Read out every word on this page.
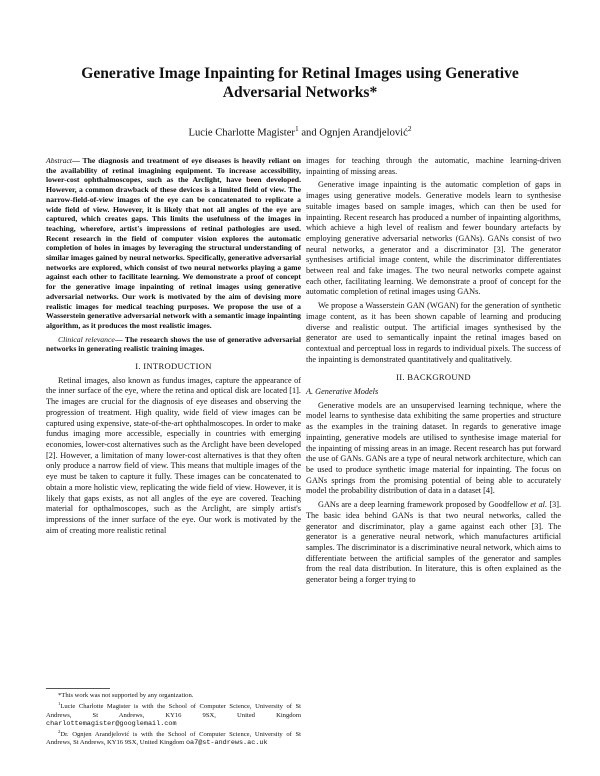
Generative Image Inpainting for Retinal Images using Generative
Adversarial Networks*
Lucie Charlotte Magister$^1$ and Ognjen Arandjelović$^2$

Abstract— The diagnosis and treatment of eye diseases is heavily reliant on the availability of retinal imagining equipment. To increase accessibility, lower-cost ophthalmoscopes, such as the Arclight, have been developed. However, a common drawback of these devices is a limited field of view. The narrow-field-of-view images of the eye can be concatenated to replicate a wide field of view. However, it is likely that not all angles of the eye are captured, which creates gaps. This limits the usefulness of the images in teaching, wherefore, artist's impressions of retinal pathologies are used. Recent research in the field of computer vision explores the automatic completion of holes in images by leveraging the structural understanding of similar images gained by neural networks. Specifically, generative adversarial networks are explored, which consist of two neural networks playing a game against each other to facilitate learning. We demonstrate a proof of concept for the generative image inpainting of retinal images using generative adversarial networks. Our work is motivated by the aim of devising more realistic images for medical teaching purposes. We propose the use of a Wasserstein generative adversarial network with a semantic image inpainting algorithm, as it produces the most realistic images.

Clinical relevance— The research shows the use of generative adversarial networks in generating realistic training images.

I. INTRODUCTION

Retinal images, also known as fundus images, capture the appearance of the inner surface of the eye, where the retina and optical disk are located [1]. The images are crucial for the diagnosis of eye diseases and observing the progression of treatment. High quality, wide field of view images can be captured using expensive, state-of-the-art ophthalmoscopes. In order to make fundus imaging more accessible, especially in countries with emerging economies, lower-cost alternatives such as the Arclight have been developed [2]. However, a limitation of many lower-cost alternatives is that they often only produce a narrow field of view. This means that multiple images of the eye must be taken to capture it fully. These images can be concatenated to obtain a more holistic view, replicating the wide field of view. However, it is likely that gaps exists, as not all angles of the eye are covered. Teaching material for opthalmoscopes, such as the Arclight, are simply artist's impressions of the inner surface of the eye. Our work is motivated by the aim of creating more realistic retinal

*This work was not supported by any organization.

$^1$Lucie Charlotte Magister is with the School of Computer Science, University of St Andrews, St Andrews, KY16 9SX, United Kingdom charlottemagister@googlemail.com

$^2$Dr. Ognjen Arandjelović is with the School of Computer Science, University of St Andrews, St Andrews, KY16 9SX, United Kingdom oa7@st-andrews.ac.uk

images for teaching through the automatic, machine learning-driven inpainting of missing areas.

Generative image inpainting is the automatic completion of gaps in images using generative models. Generative models learn to synthesise suitable images based on sample images, which can then be used for inpainting. Recent research has produced a number of inpainting algorithms, which achieve a high level of realism and fewer boundary artefacts by employing generative adversarial networks (GANs). GANs consist of two neural networks, a generator and a discriminator [3]. The generator synthesises artificial image content, while the discriminator differentiates between real and fake images. The two neural networks compete against each other, facilitating learning. We demonstrate a proof of concept for the automatic completion of retinal images using GANs.

We propose a Wasserstein GAN (WGAN) for the generation of synthetic image content, as it has been shown capable of learning and producing diverse and realistic output. The artificial images synthesised by the generator are used to semantically inpaint the retinal images based on contextual and perceptual loss in regards to individual pixels. The success of the inpainting is demonstrated quantitatively and qualitatively.

II. BACKGROUND
A. Generative Models

Generative models are an unsupervised learning technique, where the model learns to synthesise data exhibiting the same properties and structure as the examples in the training dataset. In regards to generative image inpainting, generative models are utilised to synthesise image material for the inpainting of missing areas in an image. Recent research has put forward the use of GANs. GANs are a type of neural network architecture, which can be used to produce synthetic image material for inpainting. The focus on GANs springs from the promising potential of being able to accurately model the probability distribution of data in a dataset [4].

GANs are a deep learning framework proposed by Goodfellow et al. [3]. The basic idea behind GANs is that two neural networks, called the generator and discriminator, play a game against each other [3]. The generator is a generative neural network, which manufactures artificial samples. The discriminator is a discriminative neural network, which aims to differentiate between the artificial samples of the generator and samples from the real data distribution. In literature, this is often explained as the generator being a forger trying to
